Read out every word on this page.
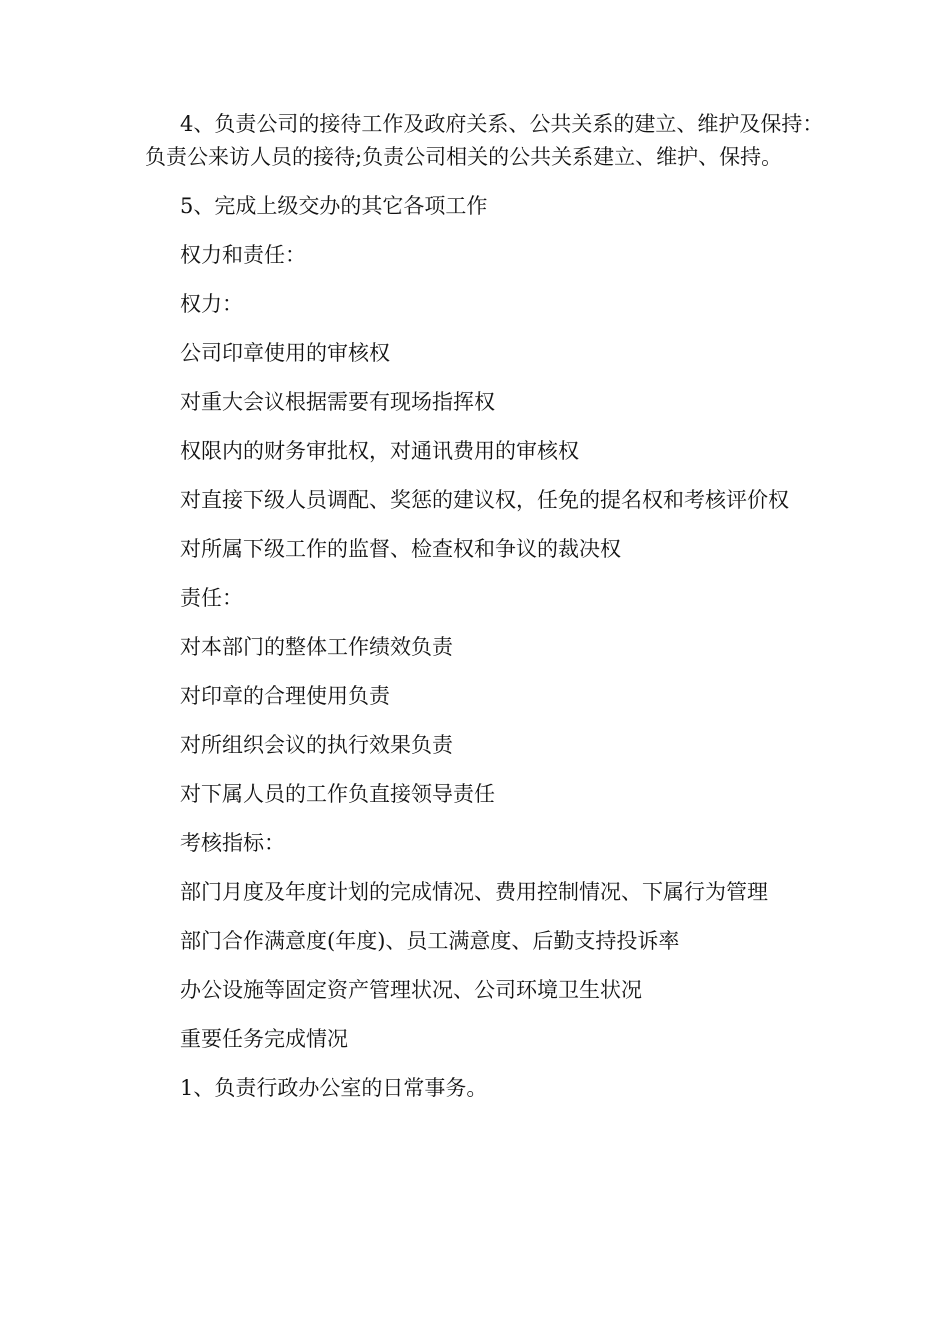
4、负责公司的接待工作及政府关系、公共关系的建立、维护及保持：负责公来访人员的接待;负责公司相关的公共关系建立、维护、保持。

5、完成上级交办的其它各项工作

权力和责任：

权力：

公司印章使用的审核权

对重大会议根据需要有现场指挥权

权限内的财务审批权，对通讯费用的审核权

对直接下级人员调配、奖惩的建议权，任免的提名权和考核评价权

对所属下级工作的监督、检查权和争议的裁决权

责任：

对本部门的整体工作绩效负责

对印章的合理使用负责

对所组织会议的执行效果负责

对下属人员的工作负直接领导责任

考核指标：

部门月度及年度计划的完成情况、费用控制情况、下属行为管理

部门合作满意度(年度)、员工满意度、后勤支持投诉率

办公设施等固定资产管理状况、公司环境卫生状况

重要任务完成情况

1、负责行政办公室的日常事务。
